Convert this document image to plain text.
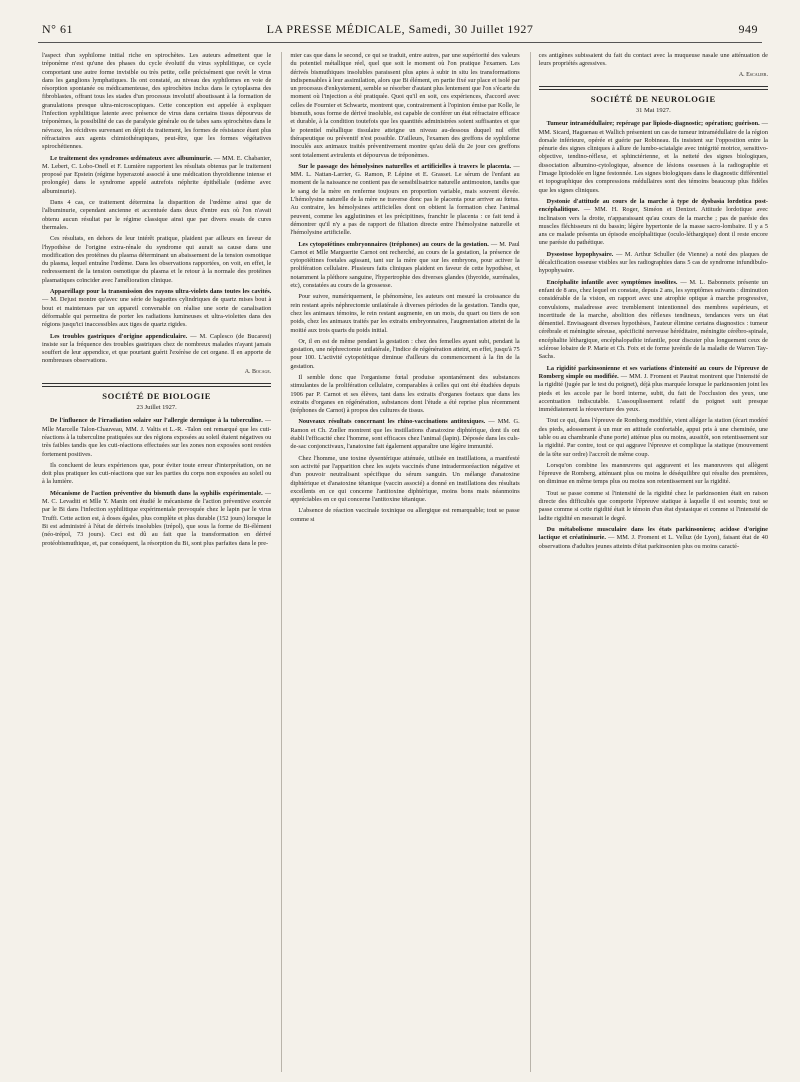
N° 61	LA PRESSE MÉDICALE, Samedi, 30 Juillet 1927	949

l'aspect d'un syphilome initial riche en spirochètes. Les auteurs admettent que le tréponème n'est qu'une des phases du cycle évolutif du virus syphilitique, ce cycle comportant une autre forme invisible ou très petite, celle précisément que revêt le virus dans les ganglions lymphatiques. Ils ont constaté, au niveau des syphilomes en voie de résorption spontanée ou médicamenteuse, des spirochètes inclus dans le cytoplasma des fibroblastes, offrant tous les stades d'un processus involutif aboutissant à la formation de granulations presque ultra-microscopiques. Cette conception est appelée à expliquer l'infection syphilitique latente avec présence de virus dans certains tissus dépourvus de tréponèmes, la possibilité de cas de paralysie générale ou de tabes sans spirochètes dans le névraxe, les récidives survenant en dépit du traitement, les formes de résistance étant plus réfractaires aux agents chimiothérapiques, peut-être, que les formes végétatives spirochétiennes.

Le traitement des syndromes œdémateux avec albuminurie. — MM. E. Chabanier, M. Lebert, C. Lobo-Onell et F. Lumière rapportent les résultats obtenus par le traitement proposé par Epstein (régime hyperazoté associé à une médication thyroïdienne intense et prolongée) dans le syndrome appelé autrefois néphrite épithéliale (œdème avec albuminurie).

Dans 4 cas, ce traitement détermina la disparition de l'œdème ainsi que de l'albuminurie, cependant ancienne et accentuée dans deux d'entre eux où l'on n'avait obtenu aucun résultat par le régime classique ainsi que par divers essais de cures thermales.

Ces résultats, en dehors de leur intérêt pratique, plaident par ailleurs en faveur de l'hypothèse de l'origine extra-rénale du syndrome qui aurait sa cause dans une modification des protéines du plasma déterminant un abaissement de la tension osmotique du plasma, lequel entraîne l'œdème. Dans les observations rapportées, on voit, en effet, le redressement de la tension osmotique du plasma et le retour à la normale des protéines plasmatiques coïncider avec l'amélioration clinique.

Appareillage pour la transmission des rayons ultra-violets dans toutes les cavités. — M. Dejust montre qu'avec une série de baguettes cylindriques de quartz mises bout à bout et maintenues par un appareil convenable on réalise une sorte de canalisation déformable qui permettra de porter les radiations lumineuses et ultra-violettes dans des régions jusqu'ici inaccessibles aux tiges de quartz rigides.

Les troubles gastriques d'origine appendiculaire. — M. Caplesco (de Bucarest) insiste sur la fréquence des troubles gastriques chez de nombreux malades n'ayant jamais souffert de leur appendice, et que pourtant guérit l'exérèse de cet organe. Il en apporte de nombreuses observations.

A. Bocage.
SOCIÉTÉ DE BIOLOGIE
23 Juillet 1927.

De l'influence de l'irradiation solaire sur l'allergie dermique à la tuberculine. — Mlle Marcelle Talon-Chauveau, MM. J. Valtis et L.-R. -Talon ont remarqué que les cuti-réactions à la tuberculine pratiquées sur des régions exposées au soleil étaient négatives ou très faibles tandis que les cuti-réactions effectuées sur les zones non exposées sont restées fortement positives.

Ils concluent de leurs expériences que, pour éviter toute erreur d'interprétation, on ne doit plus pratiquer les cuti-réactions que sur les parties du corps non exposées au soleil ou à la lumière.

Mécanisme de l'action préventive du bismuth dans la syphilis expérimentale. — M. C. Levaditi et Mlle Y. Manin ont étudié le mécanisme de l'action préventive exercée par le Bi dans l'infection syphilitique expérimentale provoquée chez le lapin par le virus Truffi. Cette action est, à doses égales, plus complète et plus durable (152 jours) lorsque le Bi est administré à l'état de dérivés insolubles (trépol), que sous la forme de Bi-élément (néo-trépol, 73 jours). Ceci est dû au fait que la transformation en dérivé protéobismuthique, et, par conséquent, la résorption du Bi, sont plus parfaites dans le pre-

mier cas que dans le second, ce qui se traduit, entre autres, par une supériorité des valeurs du potentiel métallique réel, quel que soit le moment où l'on pratique l'examen. Les dérivés bismuthiques insolubles paraissent plus aptes à subir in situ les transformations indispensables à leur assimilation, alors que Bi élément, en partie fixé sur place et isolé par un processus d'enkystement, semble se résorber d'autant plus lentement que l'on s'écarte du moment où l'injection a été pratiquée. Quoi qu'il en soit, ces expériences, d'accord avec celles de Fournier et Schwartz, montrent que, contrairement à l'opinion émise par Kolle, le bismuth, sous forme de dérivé insoluble, est capable de conférer un état réfractaire efficace et durable, à la condition toutefois que les quantités administrées soient suffisantes et que le potentiel métallique tissulaire atteigne un niveau au-dessous duquel nul effet thérapeutique ou préventif n'est possible. D'ailleurs, l'examen des greffons de syphilome inoculés aux animaux traités préventivement montre qu'au delà du 2e jour ces greffons sont totalement avirulents et dépourvus de tréponèmes.

Sur le passage des hémolysines naturelles et artificielles à travers le placenta. — MM. L. Nattan-Larrier, G. Ramon, P. Lépine et E. Grasset. Le sérum de l'enfant au moment de la naissance ne contient pas de sensibilisatrice naturelle antimouton, tandis que le sang de la mère en renferme toujours en proportion variable, mais souvent élevée. L'hémolysine naturelle de la mère ne traverse donc pas le placenta pour arriver au fœtus. Au contraire, les hémolysines artificielles dont on obtient la formation chez l'animal peuvent, comme les agglutinines et les précipitines, franchir le placenta : ce fait tend à démontrer qu'il n'y a pas de rapport de filiation directe entre l'hémolysine naturelle et l'hémolysine artificielle.

Les cytopoïétines embryonnaires (tréphones) au cours de la gestation. — M. Paul Carnot et Mlle Marguerite Carnot ont recherché, au cours de la gestation, la présence de cytopoïétines foetales agissant, tant sur la mère que sur les embryons, pour activer la prolifération cellulaire. Plusieurs faits cliniques plaident en faveur de cette hypothèse, et notamment la pléthore sanguine, l'hypertrophie des diverses glandes (thyroïde, surrénales, etc), constatées au cours de la grossesse.

Pour suivre, numériquement, le phénomène, les auteurs ont mesuré la croissance du rein restant après néphrectomie unilatérale à diverses périodes de la gestation. Tandis que, chez les animaux témoins, le rein restant augmente, en un mois, du quart ou tiers de son poids, chez les animaux traités par les extraits embryonnaires, l'augmentation atteint de la moitié aux trois quarts du poids initial.

Or, il en est de même pendant la gestation : chez des femelles ayant subi, pendant la gestation, une néphrectomie unilatérale, l'indice de régénération atteint, en effet, jusqu'à 75 pour 100. L'activité cytopoïétique diminue d'ailleurs du commencement à la fin de la gestation.

Il semble donc que l'organisme fœtal produise spontanément des substances stimulantes de la prolifération cellulaire, comparables à celles qui ont été étudiées depuis 1906 par P. Carnot et ses élèves, tant dans les extraits d'organes foetaux que dans les extraits d'organes en régénération, substances dont l'étude a été reprise plus récemment (tréphones de Carnot) à propos des cultures de tissus.

Nouveaux résultats concernant les rhino-vaccinations antitoxiques. — MM. G. Ramon et Ch. Zœller montrent que les instillations d'anatoxine diphtérique, dont ils ont établi l'efficacité chez l'homme, sont efficaces chez l'animal (lapin). Déposée dans les culs-de-sac conjonctivaux, l'anatoxine fait également apparaître une légère immunité.

Chez l'homme, une toxine dysentérique atténuée, utilisée en instillations, a manifesté son activité par l'apparition chez les sujets vaccinés d'une intradermoréaction négative et d'un pouvoir neutralisant spécifique du sérum sanguin. Un mélange d'anatoxine diphtérique et d'anatoxine tétanique (vaccin associé) a donné en instillations des résultats excellents en ce qui concerne l'antitoxine diphtérique, moins bons mais néanmoins appréciables en ce qui concerne l'antitoxine tétanique.

L'absence de réaction vaccinale toxinique ou allergique est remarquable; tout se passe comme si

ces antigènes subissaient du fait du contact avec la muqueuse nasale une atténuation de leurs propriétés agressives.

A. Escalier.
SOCIÉTÉ DE NEUROLOGIE
31 Mai 1927.

Tumeur intramédullaire; repérage par lipiodo-diagnostic; opération; guérison. — MM. Sicard, Haguenau et Wallich présentent un cas de tumeur intramédullaire de la région dorsale inférieure, opérée et guérie par Robineau. Ils insistent sur l'opposition entre la pénurie des signes cliniques à allure de lumbo-sciatalgie avec intégrité motrice, sensitivo-objective, tendino-réflexe, et sphinctérienne, et la netteté des signes biologiques, dissociation albumino-cytologique, absence de lésions osseuses à la radiographie et l'image lipiodolée en ligne festonnée. Les signes biologiques dans le diagnostic différentiel et topographique des compressions médullaires sont des témoins beaucoup plus fidèles que les signes cliniques.

Dystonie d'attitude au cours de la marche à type de dysbasia lordotica post-encéphalitique. — MM. H. Roger, Siméon et Denizet. Attitude lordotique avec inclinaison vers la droite, n'apparaissant qu'au cours de la marche ; pas de parésie des muscles fléchisseurs ni du bassin; légère hypertonie de la masse sacro-lombaire. Il y a 5 ans ce malade présenta un épisode encéphalitique (oculo-léthargique) dont il reste encore une parésie du pathétique.

Dysostose hypophysaire. — M. Arthur Schuller (de Vienne) a noté des plaques de décalcification osseuse visibles sur les radiographies dans 5 cas de syndrome infundibulo-hypophysaire.

Encéphalite infantile avec symptômes insolites. — M. L. Babonneix présente un enfant de 8 ans, chez lequel on constate, depuis 2 ans, les symptômes suivants : diminution considérable de la vision, en rapport avec une atrophie optique à marche progressive, convulsions, maladresse avec tremblement intentionnel des membres supérieurs, et incertitude de la marche, abolition des réflexes tendineux, tendances vers un état démentiel. Envisageant diverses hypothèses, l'auteur élimine certains diagnostics : tumeur cérébrale et méningite séreuse, spécificité nerveuse héréditaire, méningite cérébro-spinale, encéphalite léthargique, encéphalopathie infantile, pour discuter plus longuement ceux de sclérose lobaire de P. Marie et Ch. Foix et de forme juvénile de la maladie de Warren Tay-Sachs.

La rigidité parkinsonienne et ses variations d'intensité au cours de l'épreuve de Romberg simple ou modifiée. — MM. J. Froment et Pautrat montrent que l'intensité de la rigidité (jugée par le test du poignet), déjà plus marquée lorsque le parkinsonien joint les pieds et les accole par le bord interne, subit, du fait de l'occlusion des yeux, une accentuation indiscutable. L'assouplissement relatif du poignet suit presque immédiatement la réouverture des yeux.

Tout ce qui, dans l'épreuve de Romberg modifiée, vient alléger la station (écart modéré des pieds, adossement à un mur en attitude confortable, appui pris à une cheminée, une table ou au chambranle d'une porte) atténue plus ou moins, aussitôt, son retentissement sur la rigidité. Par contre, tout ce qui aggrave l'épreuve et complique la statique (mouvement de la tête sur ordre) l'accroît de même coup.

Lorsqu'on combine les manœuvres qui aggravent et les manœuvres qui allègent l'épreuve de Romberg, atténuant plus ou moins le déséquilibre qui résulte des premières, on diminue en même temps plus ou moins son retentissement sur la rigidité.

Tout se passe comme si l'intensité de la rigidité chez le parkinsonien était en raison directe des difficultés que comporte l'épreuve statique à laquelle il est soumis; tout se passe comme si cette rigidité était le témoin d'un état dystasique et comme si l'intensité de ladite rigidité en mesurait le degré.

Du métabolisme musculaire dans les états parkinsoniens; acidose d'origine lactique et créatininurie. — MM. J. Froment et L. Velluz (de Lyon), faisant état de 40 observations d'adultes jeunes atteints d'état parkinsonien plus ou moins caracté-
